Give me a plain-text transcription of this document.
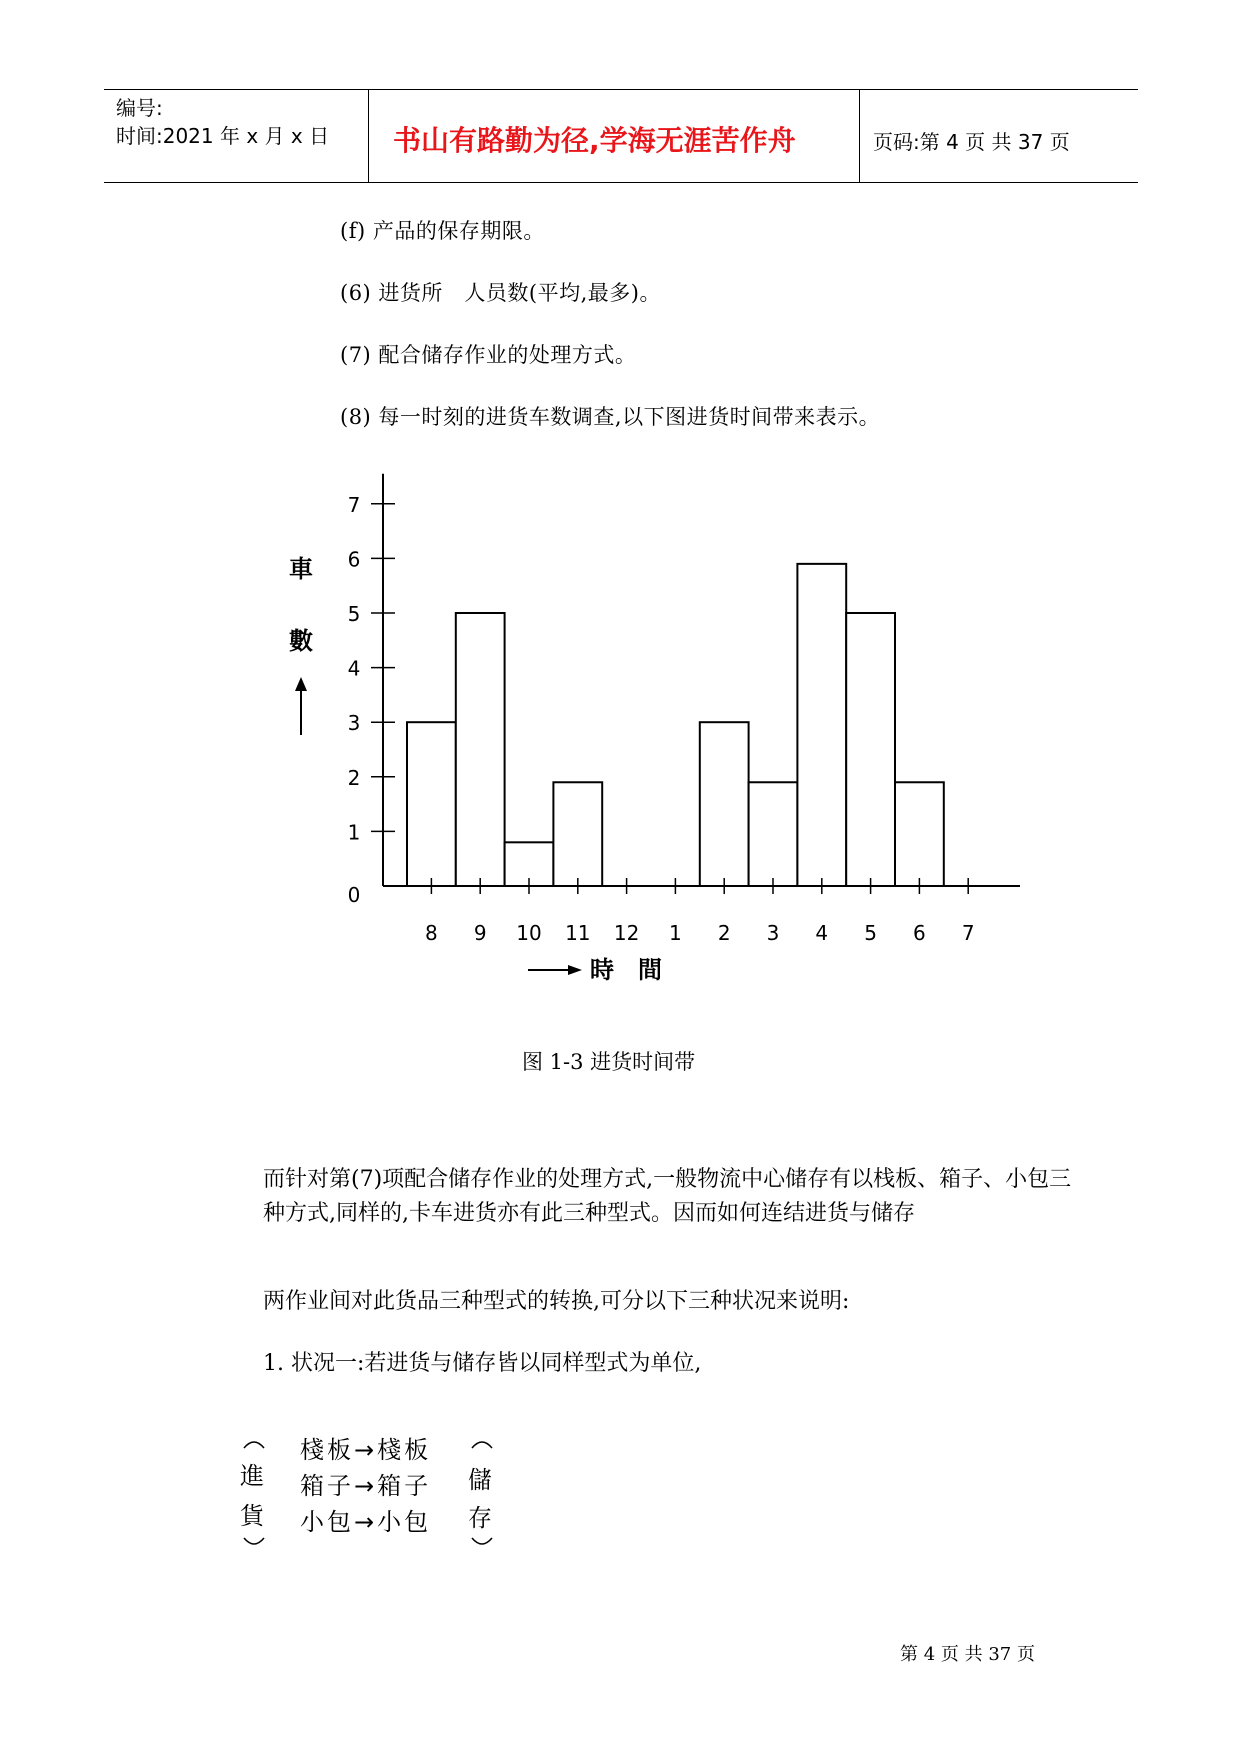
编号:
时间:2021 年 x 月 x 日 书山有路勤为径,学海无涯苦作舟	页码:第 4 页 共 37 页
(f) 产品的保存期限。
(6) 进货所　人员数(平均,最多)。
(7) 配合储存作业的处理方式。
(8) 每一时刻的进货车数调查,以下图进货时间带来表示。
0
1
2
3
4
5
6
7
8 9 10 11 12 1 2 3 4 5 6 7
車
數
時　間
图 1-3 进货时间带
而针对第(7)项配合储存作业的处理方式,一般物流中心储存有以栈板、箱子、小包三种方式,同样的,卡车进货亦有此三种型式。因而如何连结进货与储存
两作业间对此货品三种型式的转换,可分以下三种状况来说明:
1. 状况一:若进货与储存皆以同样型式为单位,
進
貨
棧板→棧板
箱子→箱子
小包→小包
儲
存
第 4 页 共 37 页
